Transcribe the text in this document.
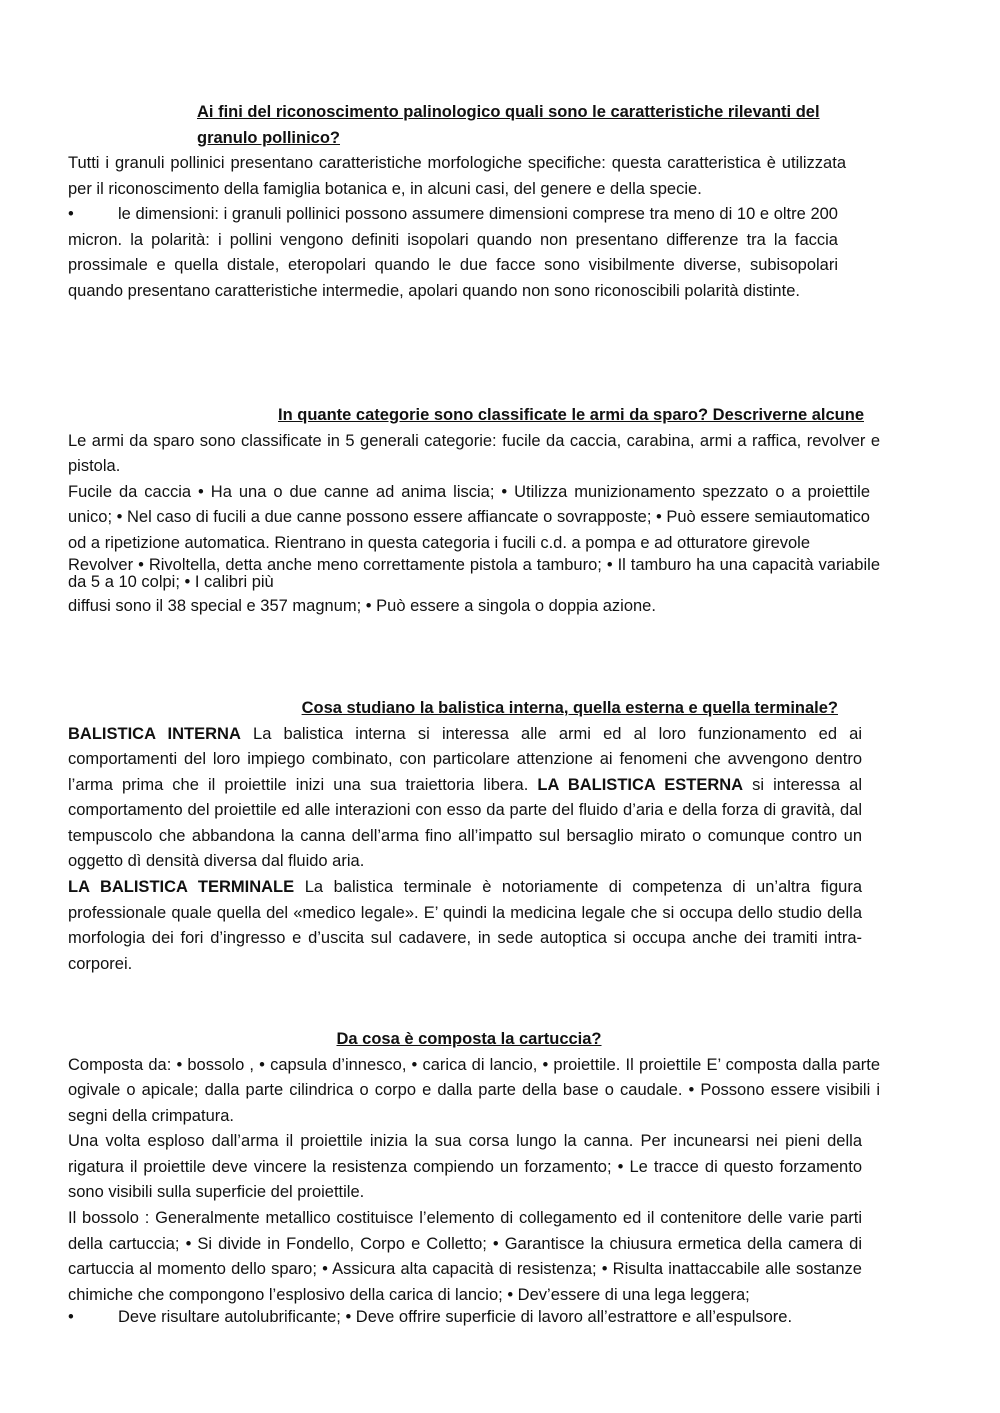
Ai fini del riconoscimento palinologico quali sono le caratteristiche rilevanti del
granulo pollinico?

Tutti i granuli pollinici presentano caratteristiche morfologiche specifiche: questa caratteristica è utilizzata per il riconoscimento della famiglia botanica e, in alcuni casi, del genere e della specie.

•	le dimensioni: i granuli pollinici possono assumere dimensioni comprese tra meno di 10 e oltre 200 micron. la polarità: i pollini vengono definiti isopolari quando non presentano differenze tra la faccia prossimale e quella distale, eteropolari quando le due facce sono visibilmente diverse, subisopolari quando presentano caratteristiche intermedie, apolari quando non sono riconoscibili polarità distinte.

In quante categorie sono classificate le armi da sparo? Descriverne alcune

Le armi da sparo sono classificate in 5 generali categorie: fucile da caccia, carabina, armi a raffica, revolver e pistola.

Fucile da caccia • Ha una o due canne ad anima liscia; • Utilizza munizionamento spezzato o a proiettile unico; • Nel caso di fucili a due canne possono essere affiancate o sovrapposte; • Può essere semiautomatico od a ripetizione automatica. Rientrano in questa categoria i fucili c.d. a pompa e ad otturatore girevole

Revolver • Rivoltella, detta anche meno correttamente pistola a tamburo; • Il tamburo ha una capacità variabile da 5 a 10 colpi; • I calibri più

diffusi sono il 38 special e 357 magnum; • Può essere a singola o doppia azione.

Cosa studiano la balistica interna, quella esterna e quella terminale?

BALISTICA INTERNA La balistica interna si interessa alle armi ed al loro funzionamento ed ai comportamenti del loro impiego combinato, con particolare attenzione ai fenomeni che avvengono dentro l’arma prima che il proiettile inizi una sua traiettoria libera. LA BALISTICA ESTERNA si interessa al comportamento del proiettile ed alle interazioni con esso da parte del fluido d’aria e della forza di gravità, dal tempuscolo che abbandona la canna dell’arma fino all’impatto sul bersaglio mirato o comunque contro un oggetto dì densità diversa dal fluido aria.
LA BALISTICA TERMINALE La balistica terminale è notoriamente di competenza di un’altra figura professionale quale quella del «medico legale». E’ quindi la medicina legale che si occupa dello studio della morfologia dei fori d’ingresso e d’uscita sul cadavere, in sede autoptica si occupa anche dei tramiti intra-corporei.

Da cosa è composta la cartuccia?

Composta da: • bossolo , • capsula d’innesco, • carica di lancio, • proiettile. Il proiettile E’ composta dalla parte ogivale o apicale; dalla parte cilindrica o corpo e dalla parte della base o caudale. • Possono essere visibili i segni della crimpatura.

Una volta esploso dall’arma il proiettile inizia la sua corsa lungo la canna. Per incunearsi nei pieni della rigatura il proiettile deve vincere la resistenza compiendo un forzamento; • Le tracce di questo forzamento sono visibili sulla superficie del proiettile.

Il bossolo : Generalmente metallico costituisce l’elemento di collegamento ed il contenitore delle varie parti della cartuccia; • Si divide in Fondello, Corpo e Colletto; • Garantisce la chiusura ermetica della camera di cartuccia al momento dello sparo; • Assicura alta capacità di resistenza; • Risulta inattaccabile alle sostanze chimiche che compongono l’esplosivo della carica di lancio; • Dev’essere di una lega leggera;

•	Deve risultare autolubrificante; • Deve offrire superficie di lavoro all’estrattore e all’espulsore.
